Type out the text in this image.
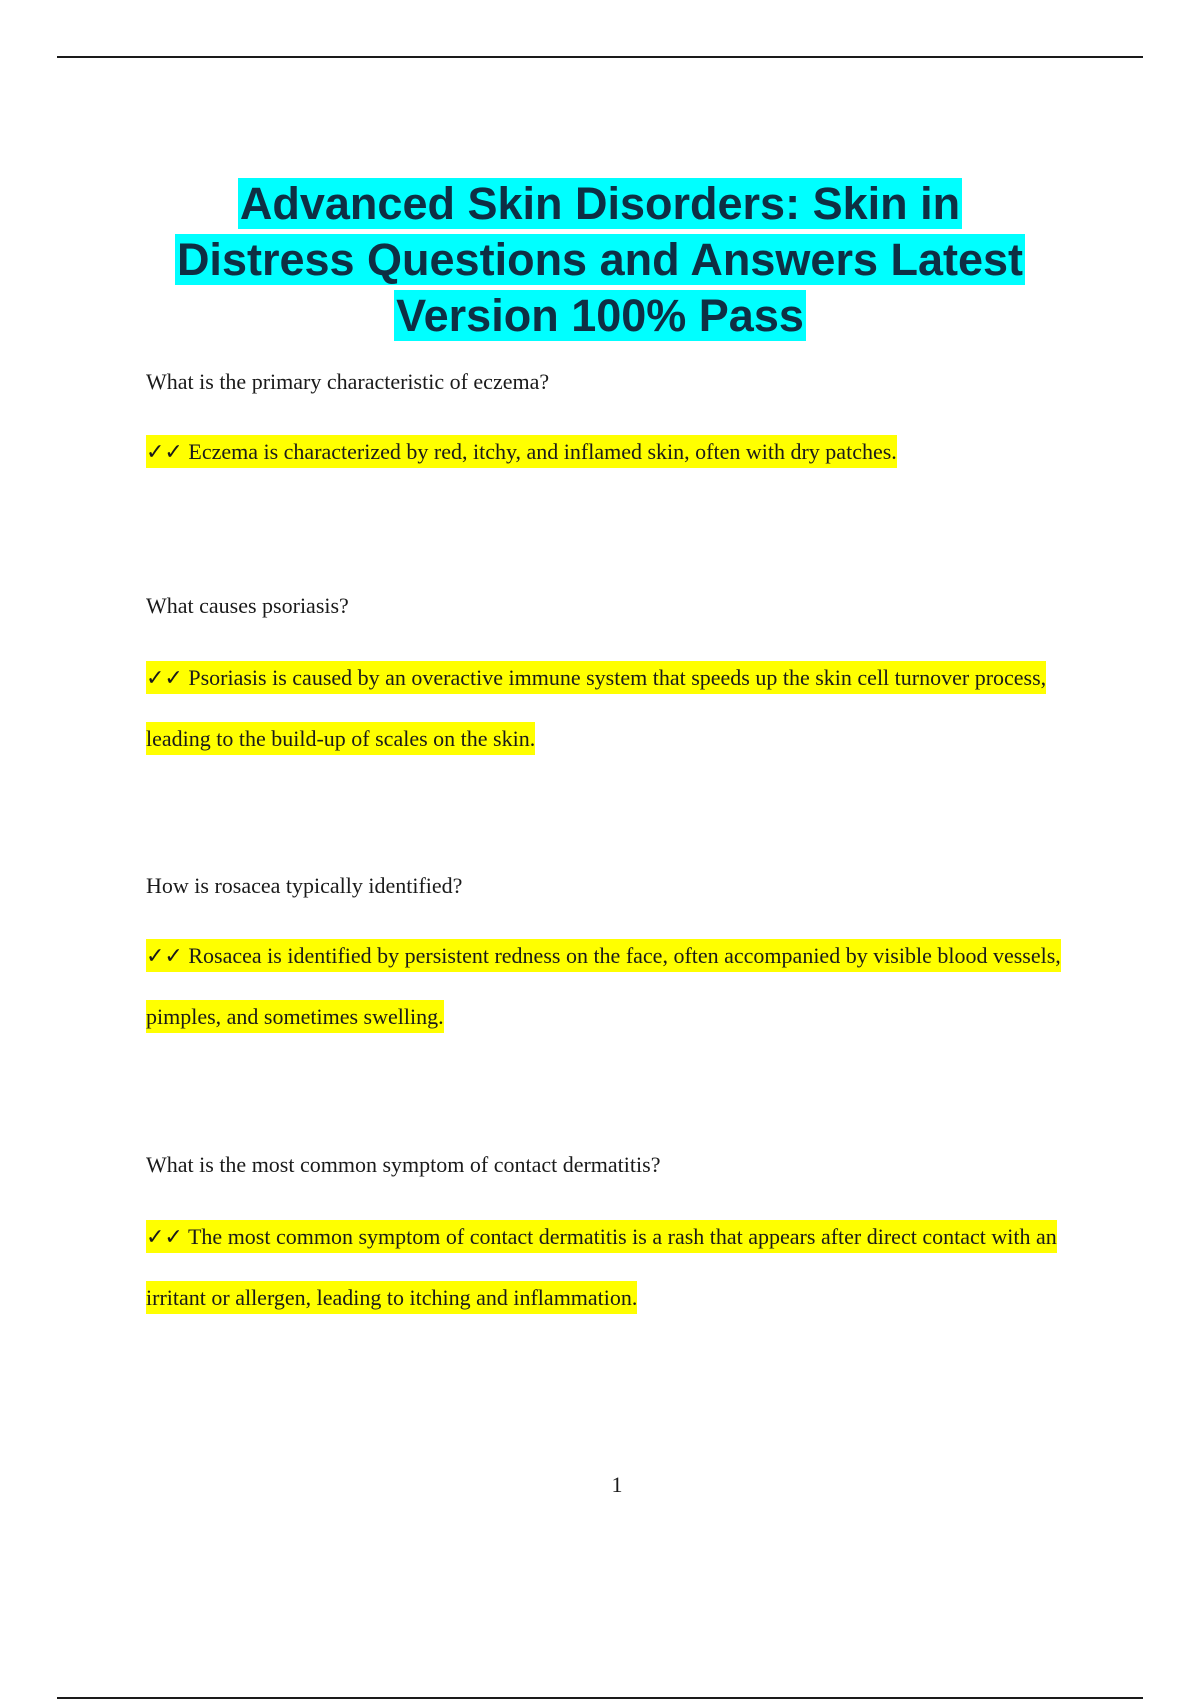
Advanced Skin Disorders: Skin in
Distress Questions and Answers Latest
Version 100% Pass

What is the primary characteristic of eczema?

✓✓ Eczema is characterized by red, itchy, and inflamed skin, often with dry patches.

What causes psoriasis?

✓✓ Psoriasis is caused by an overactive immune system that speeds up the skin cell turnover process, leading to the build-up of scales on the skin.

How is rosacea typically identified?

✓✓ Rosacea is identified by persistent redness on the face, often accompanied by visible blood vessels, pimples, and sometimes swelling.

What is the most common symptom of contact dermatitis?

✓✓ The most common symptom of contact dermatitis is a rash that appears after direct contact with an irritant or allergen, leading to itching and inflammation.

1
